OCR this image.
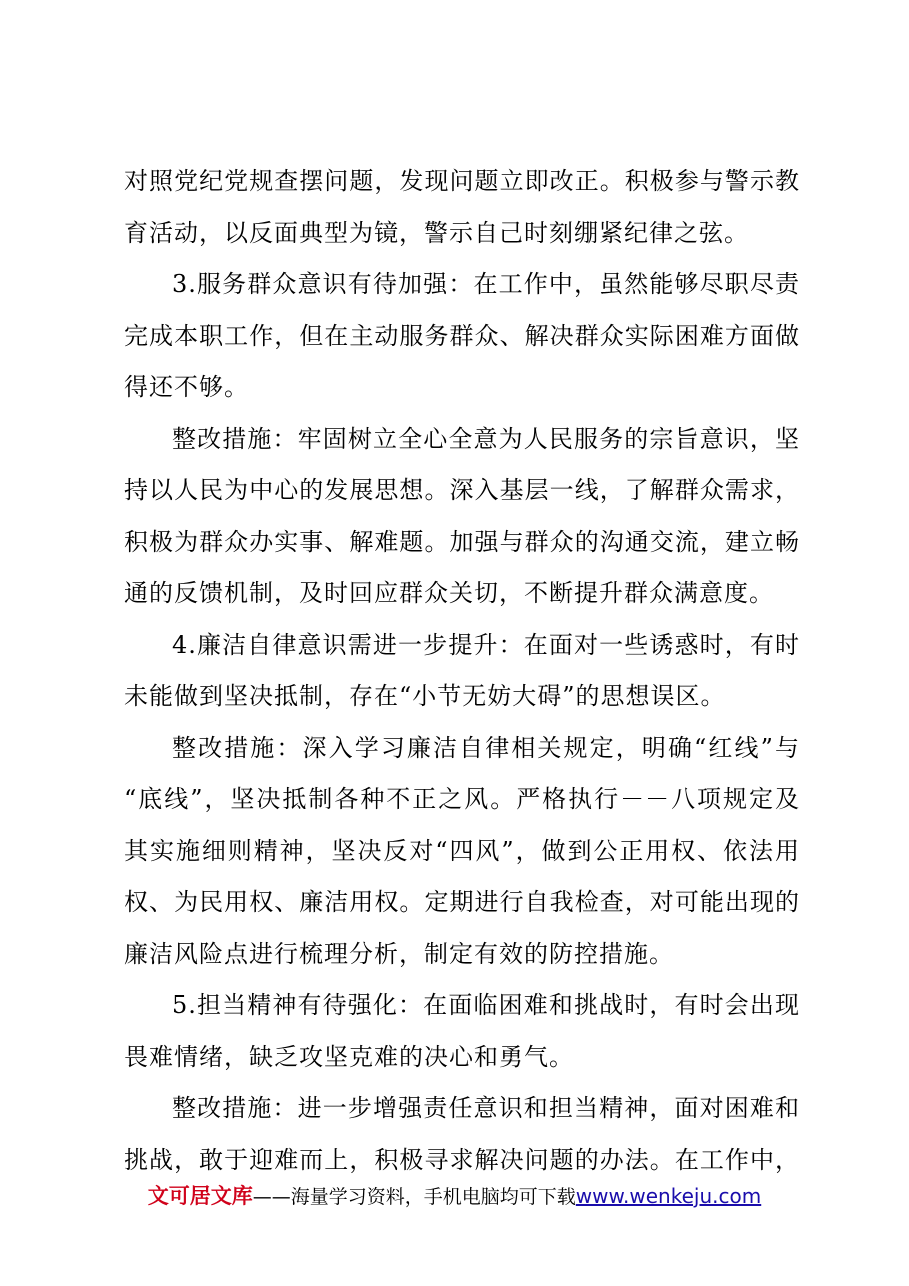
对照党纪党规查摆问题，发现问题立即改正。积极参与警示教
育活动，以反面典型为镜，警示自己时刻绷紧纪律之弦。
3.服务群众意识有待加强：在工作中，虽然能够尽职尽责
完成本职工作，但在主动服务群众、解决群众实际困难方面做
得还不够。
整改措施：牢固树立全心全意为人民服务的宗旨意识，坚
持以人民为中心的发展思想。深入基层一线，了解群众需求，
积极为群众办实事、解难题。加强与群众的沟通交流，建立畅
通的反馈机制，及时回应群众关切，不断提升群众满意度。
4.廉洁自律意识需进一步提升：在面对一些诱惑时，有时
未能做到坚决抵制，存在“小节无妨大碍”的思想误区。
整改措施：深入学习廉洁自律相关规定，明确“红线”与
“底线”，坚决抵制各种不正之风。严格执行－－八项规定及
其实施细则精神，坚决反对“四风”，做到公正用权、依法用
权、为民用权、廉洁用权。定期进行自我检查，对可能出现的
廉洁风险点进行梳理分析，制定有效的防控措施。
5.担当精神有待强化：在面临困难和挑战时，有时会出现
畏难情绪，缺乏攻坚克难的决心和勇气。
整改措施：进一步增强责任意识和担当精神，面对困难和
挑战，敢于迎难而上，积极寻求解决问题的办法。在工作中，
文可居文库——海量学习资料，手机电脑均可下载www.wenkeju.com
